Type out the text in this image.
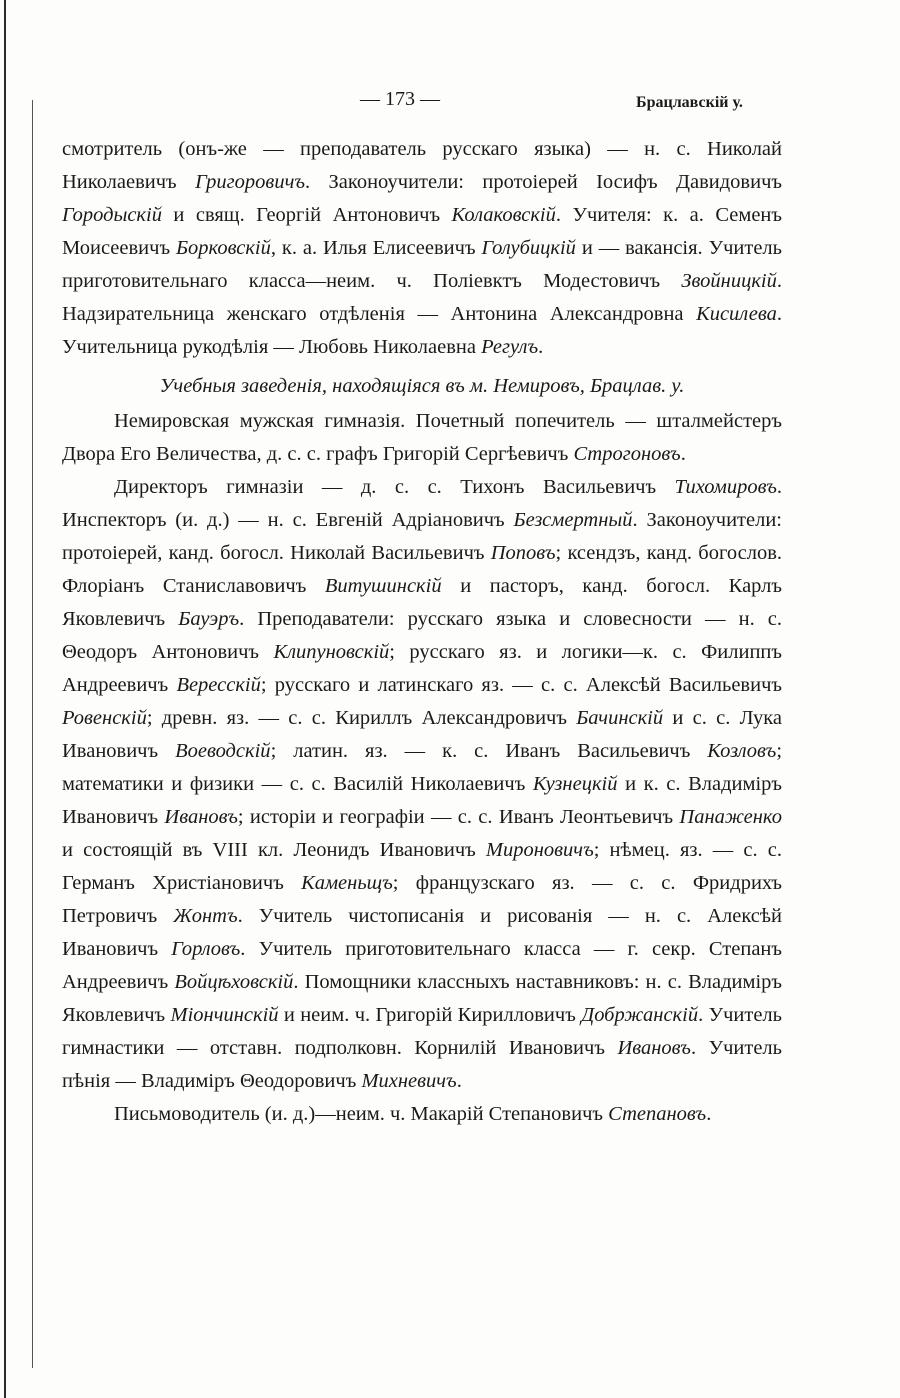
— 173 —	Брацлавскій у.

смотритель (онъ-же — преподаватель русскаго языка) — н. с. Николай Николаевичъ Григоровичъ. Законоучители: протоіерей Іосифъ Давидовичъ Городыскій и свящ. Георгій Антоновичъ Колаковскій. Учителя: к. а. Семенъ Моисеевичъ Борковскій, к. а. Илья Елисеевичъ Голубицкій и — вакансія. Учитель приготовительнаго класса—неим. ч. Поліевктъ Модестовичъ Звойницкій. Надзирательница женскаго отдѣленія — Антонина Александровна Кисилева. Учительница рукодѣлія — Любовь Николаевна Регулъ.

Учебныя заведенія, находящіяся въ м. Немировъ, Брацлав. у.

Немировская мужская гимназія. Почетный попечитель — шталмейстеръ Двора Его Величества, д. с. с. графъ Григорій Сергѣевичъ Строгоновъ.

Директоръ гимназіи — д. с. с. Тихонъ Васильевичъ Тихомировъ. Инспекторъ (и. д.) — н. с. Евгеній Адріановичъ Безсмертный. Законоучители: протоіерей, канд. богосл. Николай Васильевичъ Поповъ; ксендзъ, канд. богослов. Флоріанъ Станиславовичъ Витушинскій и пасторъ, канд. богосл. Карлъ Яковлевичъ Бауэръ. Преподаватели: русскаго языка и словесности — н. с. Θеодоръ Антоновичъ Клипуновскій; русскаго яз. и логики—к. с. Филиппъ Андреевичъ Вересскій; русскаго и латинскаго яз. — с. с. Алексѣй Васильевичъ Ровенскій; древн. яз. — с. с. Кириллъ Александровичъ Бачинскій и с. с. Лука Ивановичъ Воеводскій; латин. яз. — к. с. Иванъ Васильевичъ Козловъ; математики и физики — с. с. Василій Николаевичъ Кузнецкій и к. с. Владиміръ Ивановичъ Ивановъ; исторіи и географіи — с. с. Иванъ Леонтьевичъ Панаженко и состоящій въ VIII кл. Леонидъ Ивановичъ Мироновичъ; нѣмец. яз. — с. с. Германъ Христіановичъ Каменьщъ; французскаго яз. — с. с. Фридрихъ Петровичъ Жонтъ. Учитель чистописанія и рисованія — н. с. Алексѣй Ивановичъ Горловъ. Учитель приготовительнаго класса — г. секр. Степанъ Андреевичъ Войцѣховскій. Помощники классныхъ наставниковъ: н. с. Владиміръ Яковлевичъ Міончинскій и неим. ч. Григорій Кирилловичъ Добржанскій. Учитель гимнастики — отставн. подполковн. Корнилій Ивановичъ Ивановъ. Учитель пѣнія — Владиміръ Θеодоровичъ Михневичъ.

Письмоводитель (и. д.)—неим. ч. Макарій Степановичъ Степановъ.
